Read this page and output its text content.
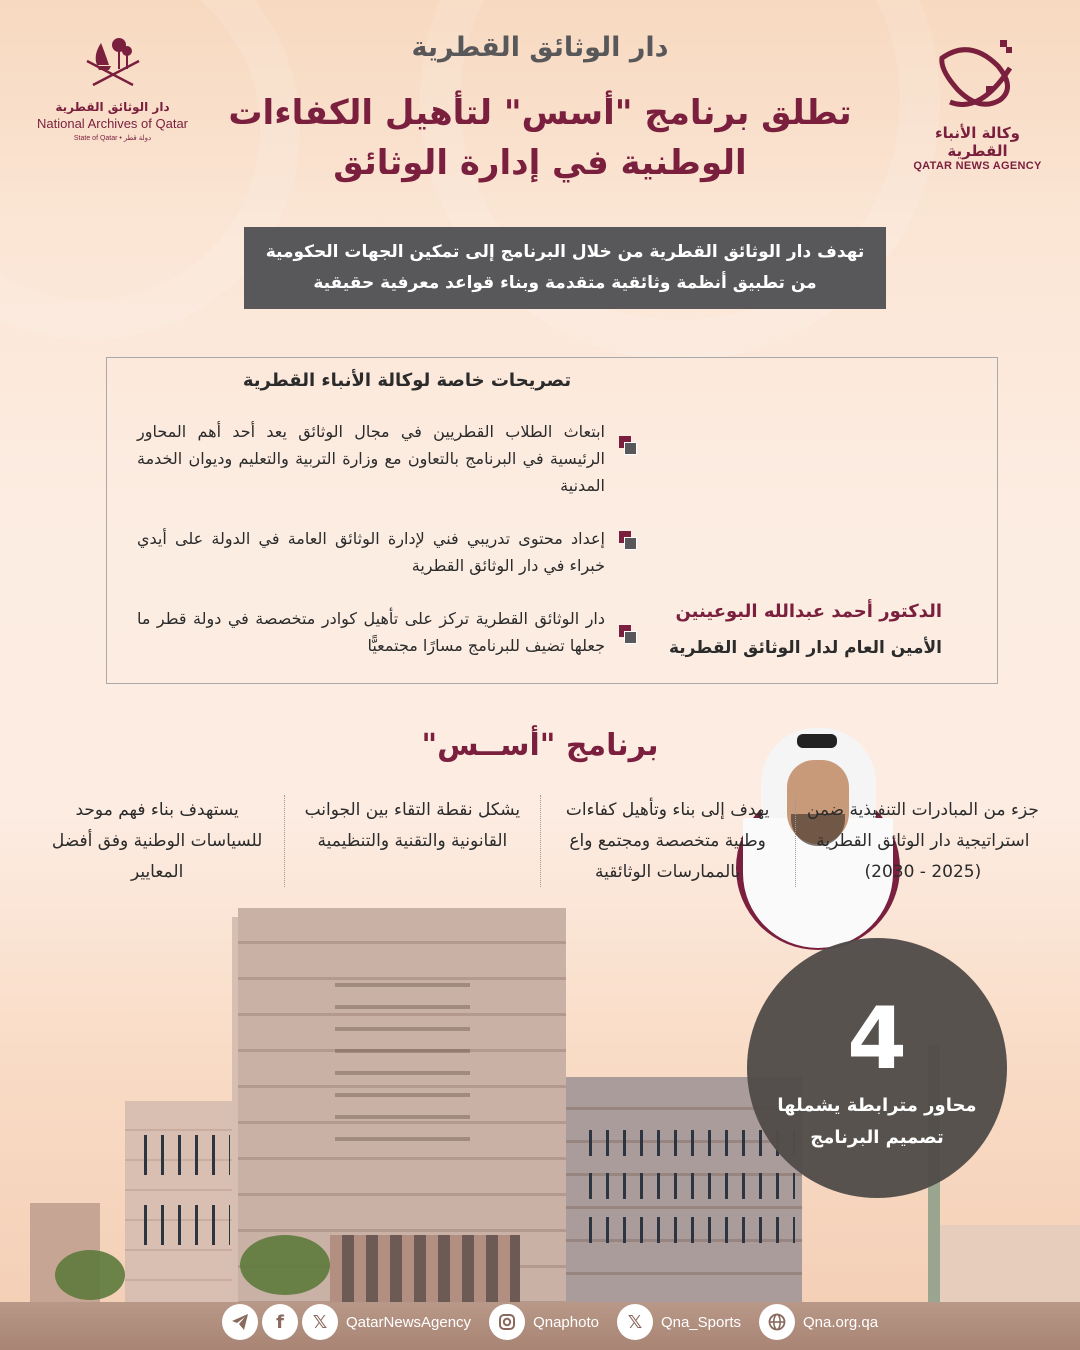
دار الوثائق القطرية
National Archives of Qatar
State of Qatar • دولة قطر	وكالة الأنباء القطرية
QATAR NEWS AGENCY
دار الوثائق القطرية
تطلق برنامج "أسس" لتأهيل الكفاءات
الوطنية في إدارة الوثائق
تهدف دار الوثائق القطرية من خلال البرنامج إلى تمكين الجهات الحكومية
من تطبيق أنظمة وثائقية متقدمة وبناء قواعد معرفية حقيقية
تصريحات خاصة لوكالة الأنباء القطرية
ابتعاث الطلاب القطريين في مجال الوثائق يعد أحد أهم المحاور الرئيسية في البرنامج بالتعاون مع وزارة التربية والتعليم وديوان الخدمة المدنية
إعداد محتوى تدريبي فني لإدارة الوثائق العامة في الدولة على أيدي خبراء في دار الوثائق القطرية
دار الوثائق القطرية تركز على تأهيل كوادر متخصصة في دولة قطر ما جعلها تضيف للبرنامج مسارًا مجتمعيًّا
الدكتور أحمد عبدالله البوعينين
الأمين العام لدار الوثائق القطرية
برنامج "أســس"
جزء من المبادرات التنفيذية ضمن استراتيجية دار الوثائق القطرية (2025 - 2030)
يهدف إلى بناء وتأهيل كفاءات وطنية متخصصة ومجتمع واع بالممارسات الوثائقية
يشكل نقطة التقاء بين الجوانب القانونية والتقنية والتنظيمية
يستهدف بناء فهم موحد للسياسات الوطنية وفق أفضل المعايير
4
محاور مترابطة يشملها
تصميم البرنامج
f	𝕏	QatarNewsAgency	Qnaphoto	𝕏	Qna_Sports	Qna.org.qa
